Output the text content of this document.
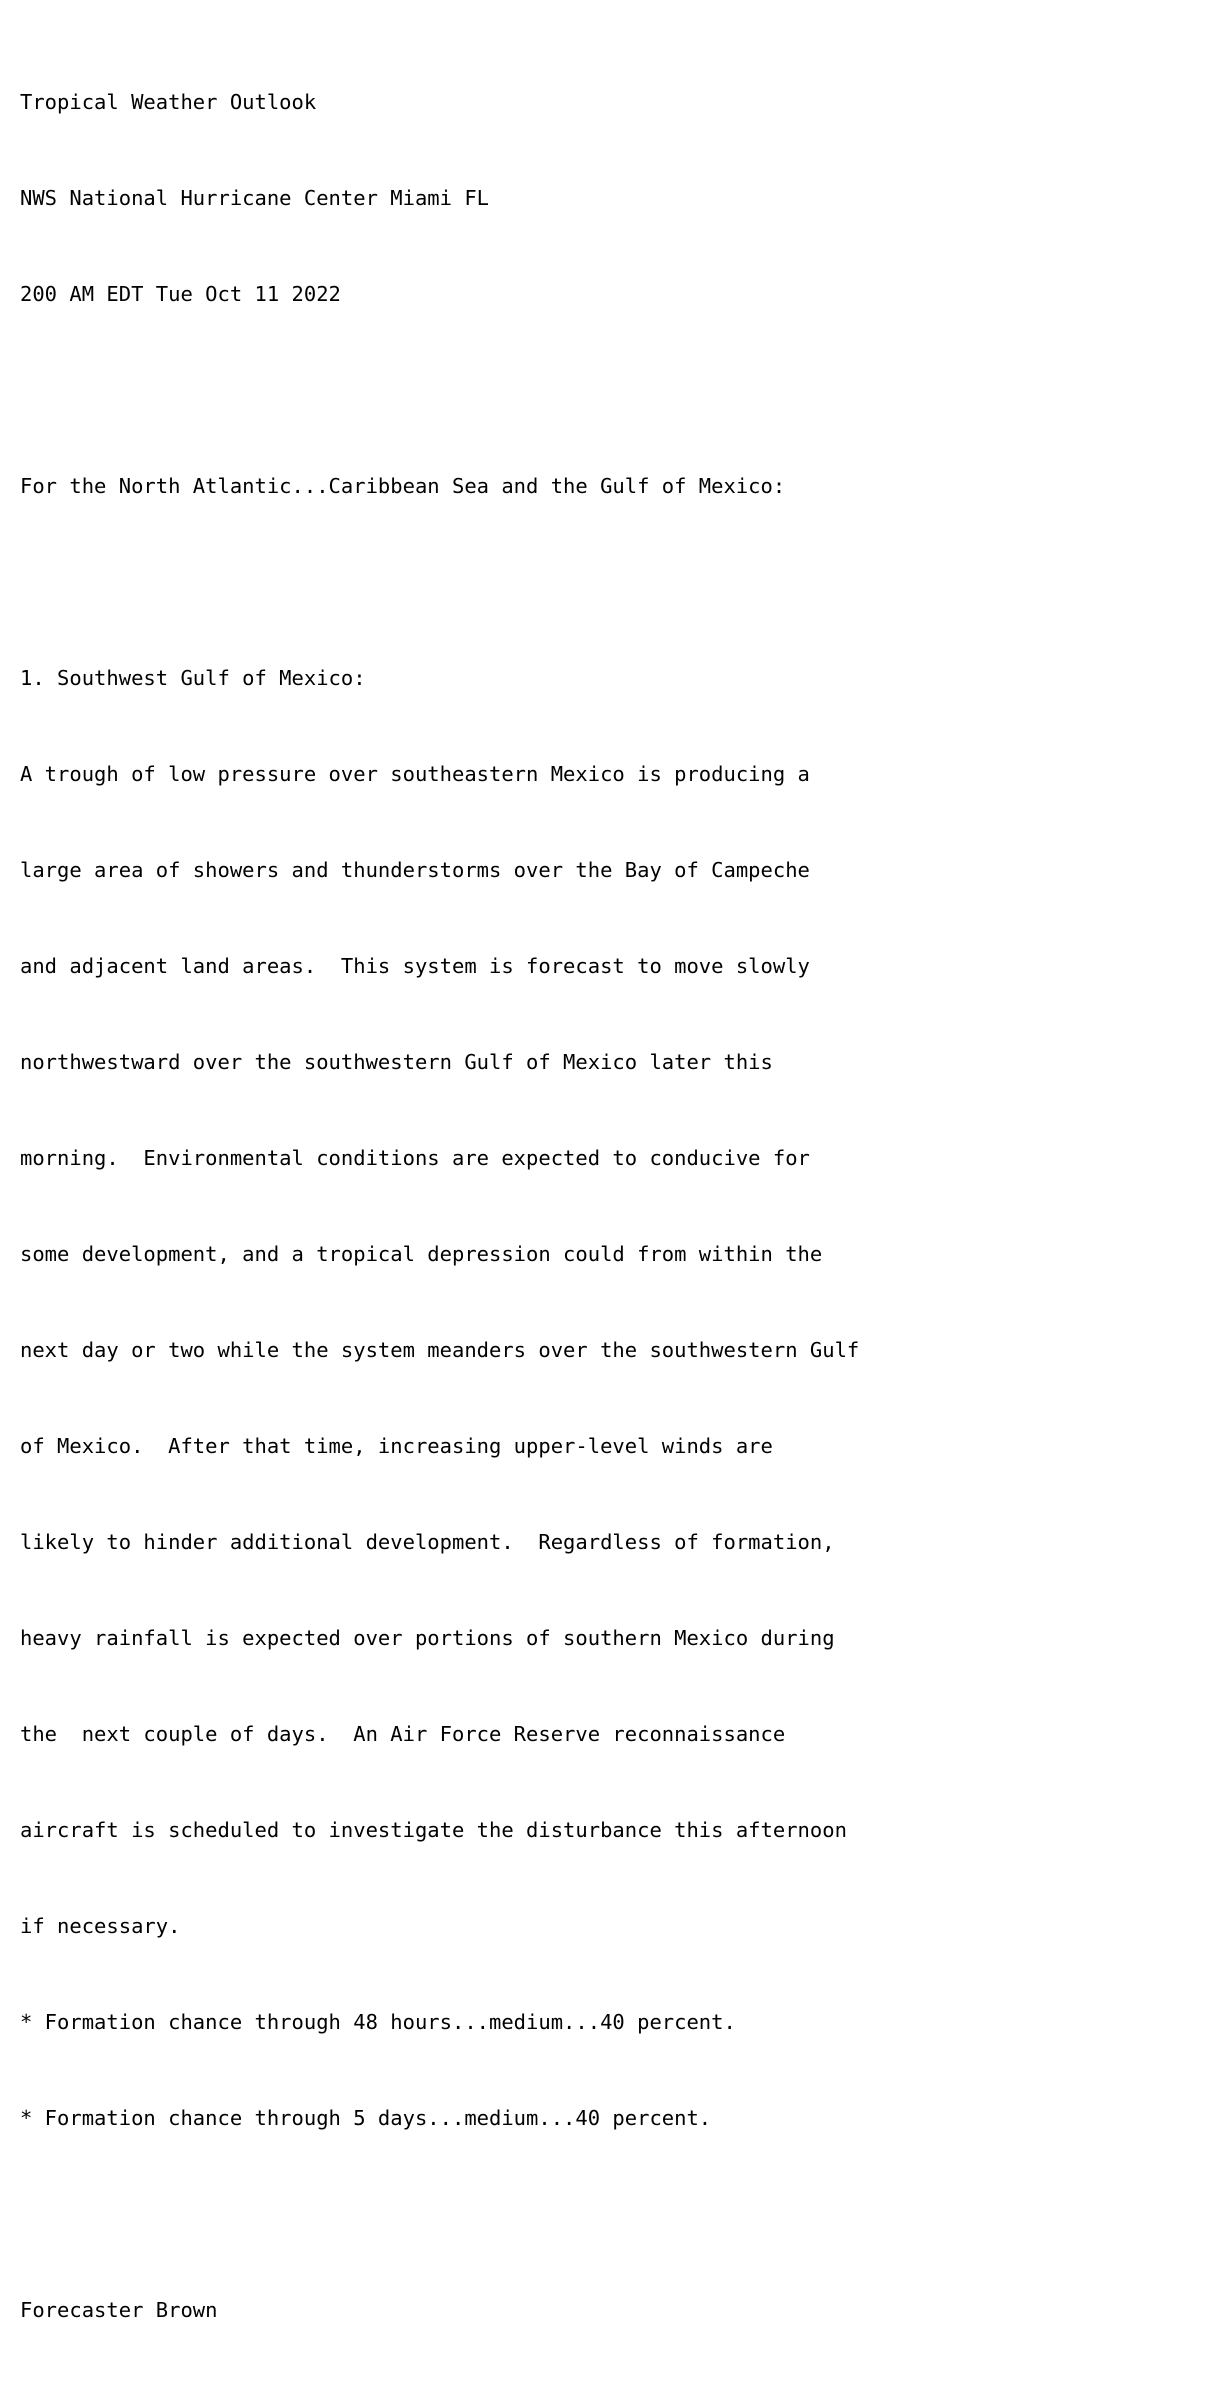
Tropical Weather Outlook

NWS National Hurricane Center Miami FL

200 AM EDT Tue Oct 11 2022

For the North Atlantic...Caribbean Sea and the Gulf of Mexico:

1. Southwest Gulf of Mexico:

A trough of low pressure over southeastern Mexico is producing a

large area of showers and thunderstorms over the Bay of Campeche

and adjacent land areas.  This system is forecast to move slowly

northwestward over the southwestern Gulf of Mexico later this

morning.  Environmental conditions are expected to conducive for

some development, and a tropical depression could from within the

next day or two while the system meanders over the southwestern Gulf

of Mexico.  After that time, increasing upper-level winds are

likely to hinder additional development.  Regardless of formation,

heavy rainfall is expected over portions of southern Mexico during

the  next couple of days.  An Air Force Reserve reconnaissance

aircraft is scheduled to investigate the disturbance this afternoon

if necessary.

* Formation chance through 48 hours...medium...40 percent.

* Formation chance through 5 days...medium...40 percent.

Forecaster Brown
